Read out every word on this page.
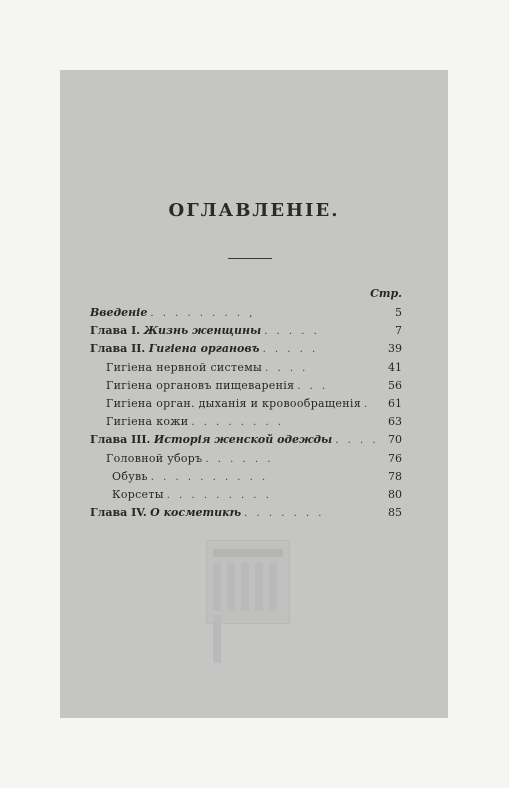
ОГЛАВЛЕНІЕ.
Стр.
Введеніе . . . . . . . . ,	5
Глава I. Жизнь женщины . . . . .	7
Глава II. Гигіена органовъ . . . . .	39
Гигіена нервной системы . . . .	41
Гигіена органовъ пищеваренія . . .	56
Гигіена орган. дыханія и кровообращенія .	61
Гигіена кожи . . . . . . . .	63
Глава III. Исторія женской одежды . . . . 70
Головной уборъ . . . . . .	76
Обувь . . . . . . . . . .	78
Корсеты . . . . . . . . .	80
Глава IV. О косметикѣ . . . . . . .	85
